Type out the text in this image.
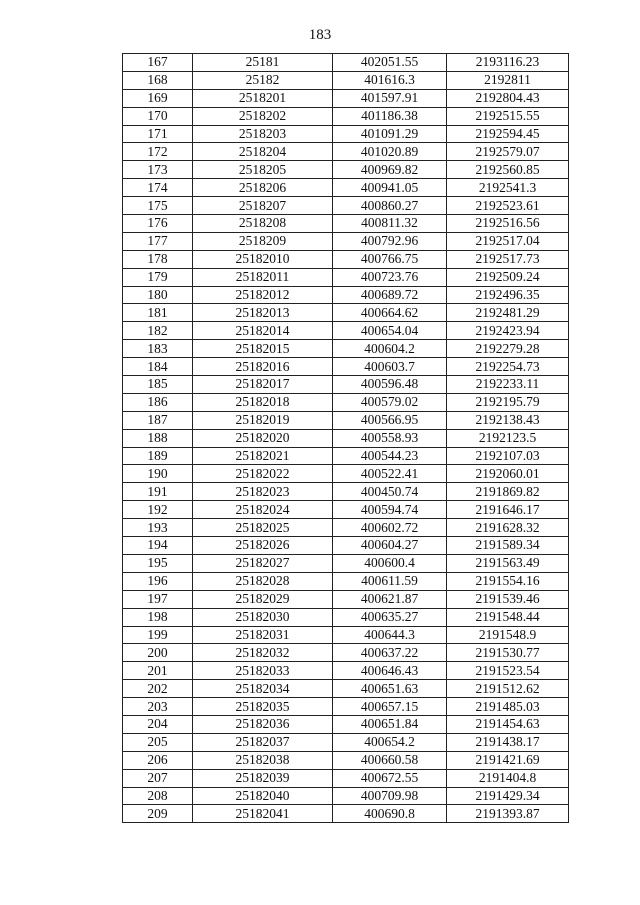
183
167	25181	402051.55	2193116.23
168	25182	401616.3	2192811
169	2518201	401597.91	2192804.43
170	2518202	401186.38	2192515.55
171	2518203	401091.29	2192594.45
172	2518204	401020.89	2192579.07
173	2518205	400969.82	2192560.85
174	2518206	400941.05	2192541.3
175	2518207	400860.27	2192523.61
176	2518208	400811.32	2192516.56
177	2518209	400792.96	2192517.04
178	25182010	400766.75	2192517.73
179	25182011	400723.76	2192509.24
180	25182012	400689.72	2192496.35
181	25182013	400664.62	2192481.29
182	25182014	400654.04	2192423.94
183	25182015	400604.2	2192279.28
184	25182016	400603.7	2192254.73
185	25182017	400596.48	2192233.11
186	25182018	400579.02	2192195.79
187	25182019	400566.95	2192138.43
188	25182020	400558.93	2192123.5
189	25182021	400544.23	2192107.03
190	25182022	400522.41	2192060.01
191	25182023	400450.74	2191869.82
192	25182024	400594.74	2191646.17
193	25182025	400602.72	2191628.32
194	25182026	400604.27	2191589.34
195	25182027	400600.4	2191563.49
196	25182028	400611.59	2191554.16
197	25182029	400621.87	2191539.46
198	25182030	400635.27	2191548.44
199	25182031	400644.3	2191548.9
200	25182032	400637.22	2191530.77
201	25182033	400646.43	2191523.54
202	25182034	400651.63	2191512.62
203	25182035	400657.15	2191485.03
204	25182036	400651.84	2191454.63
205	25182037	400654.2	2191438.17
206	25182038	400660.58	2191421.69
207	25182039	400672.55	2191404.8
208	25182040	400709.98	2191429.34
209	25182041	400690.8	2191393.87
